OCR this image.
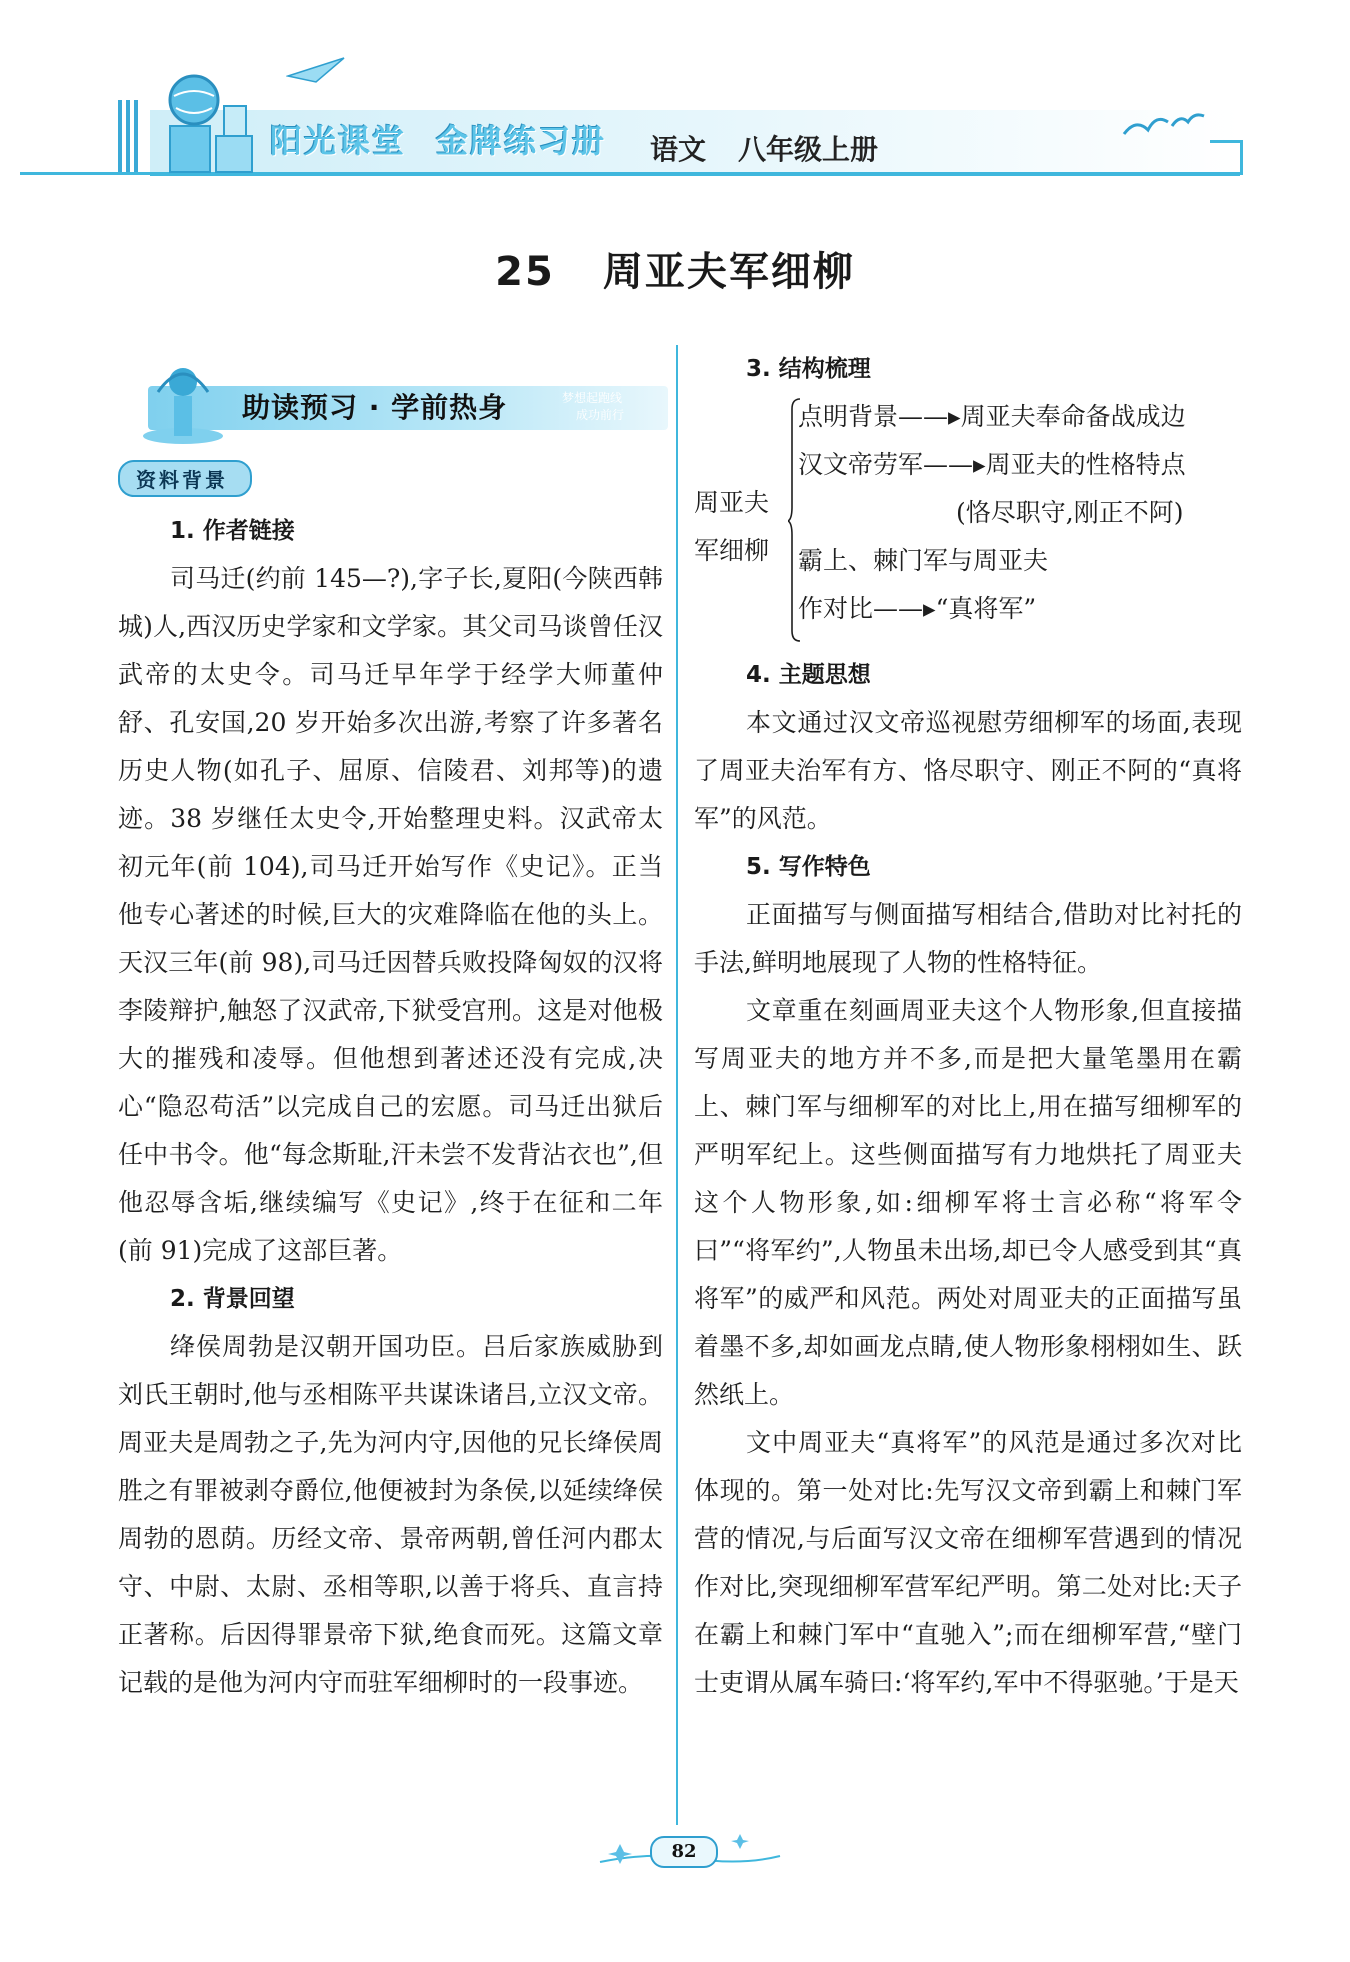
阳光课堂 金牌练习册	语文 八年级上册
25 周亚夫军细柳
助读预习 · 学前热身	梦想起跑线
成功前行
资料背景

1. 作者链接

司马迁(约前 145—?),字子长,夏阳(今陕西韩城)人,西汉历史学家和文学家。其父司马谈曾任汉武帝的太史令。司马迁早年学于经学大师董仲舒、孔安国,20 岁开始多次出游,考察了许多著名历史人物(如孔子、屈原、信陵君、刘邦等)的遗迹。38 岁继任太史令,开始整理史料。汉武帝太初元年(前 104),司马迁开始写作《史记》。正当他专心著述的时候,巨大的灾难降临在他的头上。天汉三年(前 98),司马迁因替兵败投降匈奴的汉将李陵辩护,触怒了汉武帝,下狱受宫刑。这是对他极大的摧残和凌辱。但他想到著述还没有完成,决心“隐忍苟活”以完成自己的宏愿。司马迁出狱后任中书令。他“每念斯耻,汗未尝不发背沾衣也”,但他忍辱含垢,继续编写《史记》,终于在征和二年(前 91)完成了这部巨著。

2. 背景回望

绛侯周勃是汉朝开国功臣。吕后家族威胁到刘氏王朝时,他与丞相陈平共谋诛诸吕,立汉文帝。周亚夫是周勃之子,先为河内守,因他的兄长绛侯周胜之有罪被剥夺爵位,他便被封为条侯,以延续绛侯周勃的恩荫。历经文帝、景帝两朝,曾任河内郡太守、中尉、太尉、丞相等职,以善于将兵、直言持正著称。后因得罪景帝下狱,绝食而死。这篇文章记载的是他为河内守而驻军细柳时的一段事迹。

3. 结构梳理

周亚夫
军细柳
点明背景——▸周亚夫奉命备战成边
汉文帝劳军——▸周亚夫的性格特点
(恪尽职守,刚正不阿)
霸上、棘门军与周亚夫
作对比——▸“真将军”

4. 主题思想

本文通过汉文帝巡视慰劳细柳军的场面,表现了周亚夫治军有方、恪尽职守、刚正不阿的“真将军”的风范。

5. 写作特色

正面描写与侧面描写相结合,借助对比衬托的手法,鲜明地展现了人物的性格特征。

文章重在刻画周亚夫这个人物形象,但直接描写周亚夫的地方并不多,而是把大量笔墨用在霸上、棘门军与细柳军的对比上,用在描写细柳军的严明军纪上。这些侧面描写有力地烘托了周亚夫这个人物形象,如:细柳军将士言必称“将军令曰”“将军约”,人物虽未出场,却已令人感受到其“真将军”的威严和风范。两处对周亚夫的正面描写虽着墨不多,却如画龙点睛,使人物形象栩栩如生、跃然纸上。

文中周亚夫“真将军”的风范是通过多次对比体现的。第一处对比:先写汉文帝到霸上和棘门军营的情况,与后面写汉文帝在细柳军营遇到的情况作对比,突现细柳军营军纪严明。第二处对比:天子在霸上和棘门军中“直驰入”;而在细柳军营,“壁门士吏谓从属车骑曰:‘将军约,军中不得驱驰。’于是天

82
